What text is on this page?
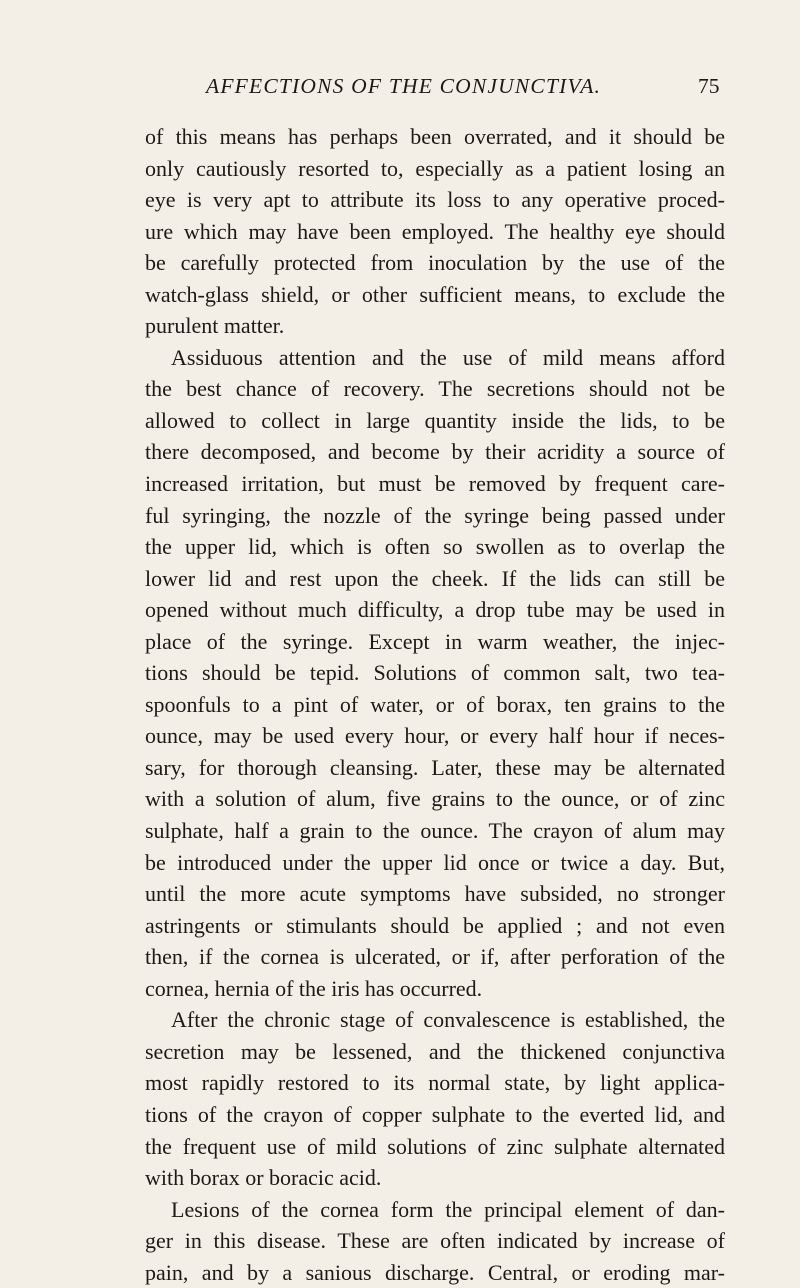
AFFECTIONS OF THE CONJUNCTIVA.	75
of this means has perhaps been overrated, and it should be
only cautiously resorted to, especially as a patient losing an
eye is very apt to attribute its loss to any operative proced-
ure which may have been employed. The healthy eye should
be carefully protected from inoculation by the use of the
watch-glass shield, or other sufficient means, to exclude the
purulent matter.
Assiduous attention and the use of mild means afford
the best chance of recovery. The secretions should not be
allowed to collect in large quantity inside the lids, to be
there decomposed, and become by their acridity a source of
increased irritation, but must be removed by frequent care-
ful syringing, the nozzle of the syringe being passed under
the upper lid, which is often so swollen as to overlap the
lower lid and rest upon the cheek. If the lids can still be
opened without much difficulty, a drop tube may be used in
place of the syringe. Except in warm weather, the injec-
tions should be tepid. Solutions of common salt, two tea-
spoonfuls to a pint of water, or of borax, ten grains to the
ounce, may be used every hour, or every half hour if neces-
sary, for thorough cleansing. Later, these may be alternated
with a solution of alum, five grains to the ounce, or of zinc
sulphate, half a grain to the ounce. The crayon of alum may
be introduced under the upper lid once or twice a day. But,
until the more acute symptoms have subsided, no stronger
astringents or stimulants should be applied ; and not even
then, if the cornea is ulcerated, or if, after perforation of the
cornea, hernia of the iris has occurred.
After the chronic stage of convalescence is established, the
secretion may be lessened, and the thickened conjunctiva
most rapidly restored to its normal state, by light applica-
tions of the crayon of copper sulphate to the everted lid, and
the frequent use of mild solutions of zinc sulphate alternated
with borax or boracic acid.
Lesions of the cornea form the principal element of dan-
ger in this disease. These are often indicated by increase of
pain, and by a sanious discharge. Central, or eroding mar-
